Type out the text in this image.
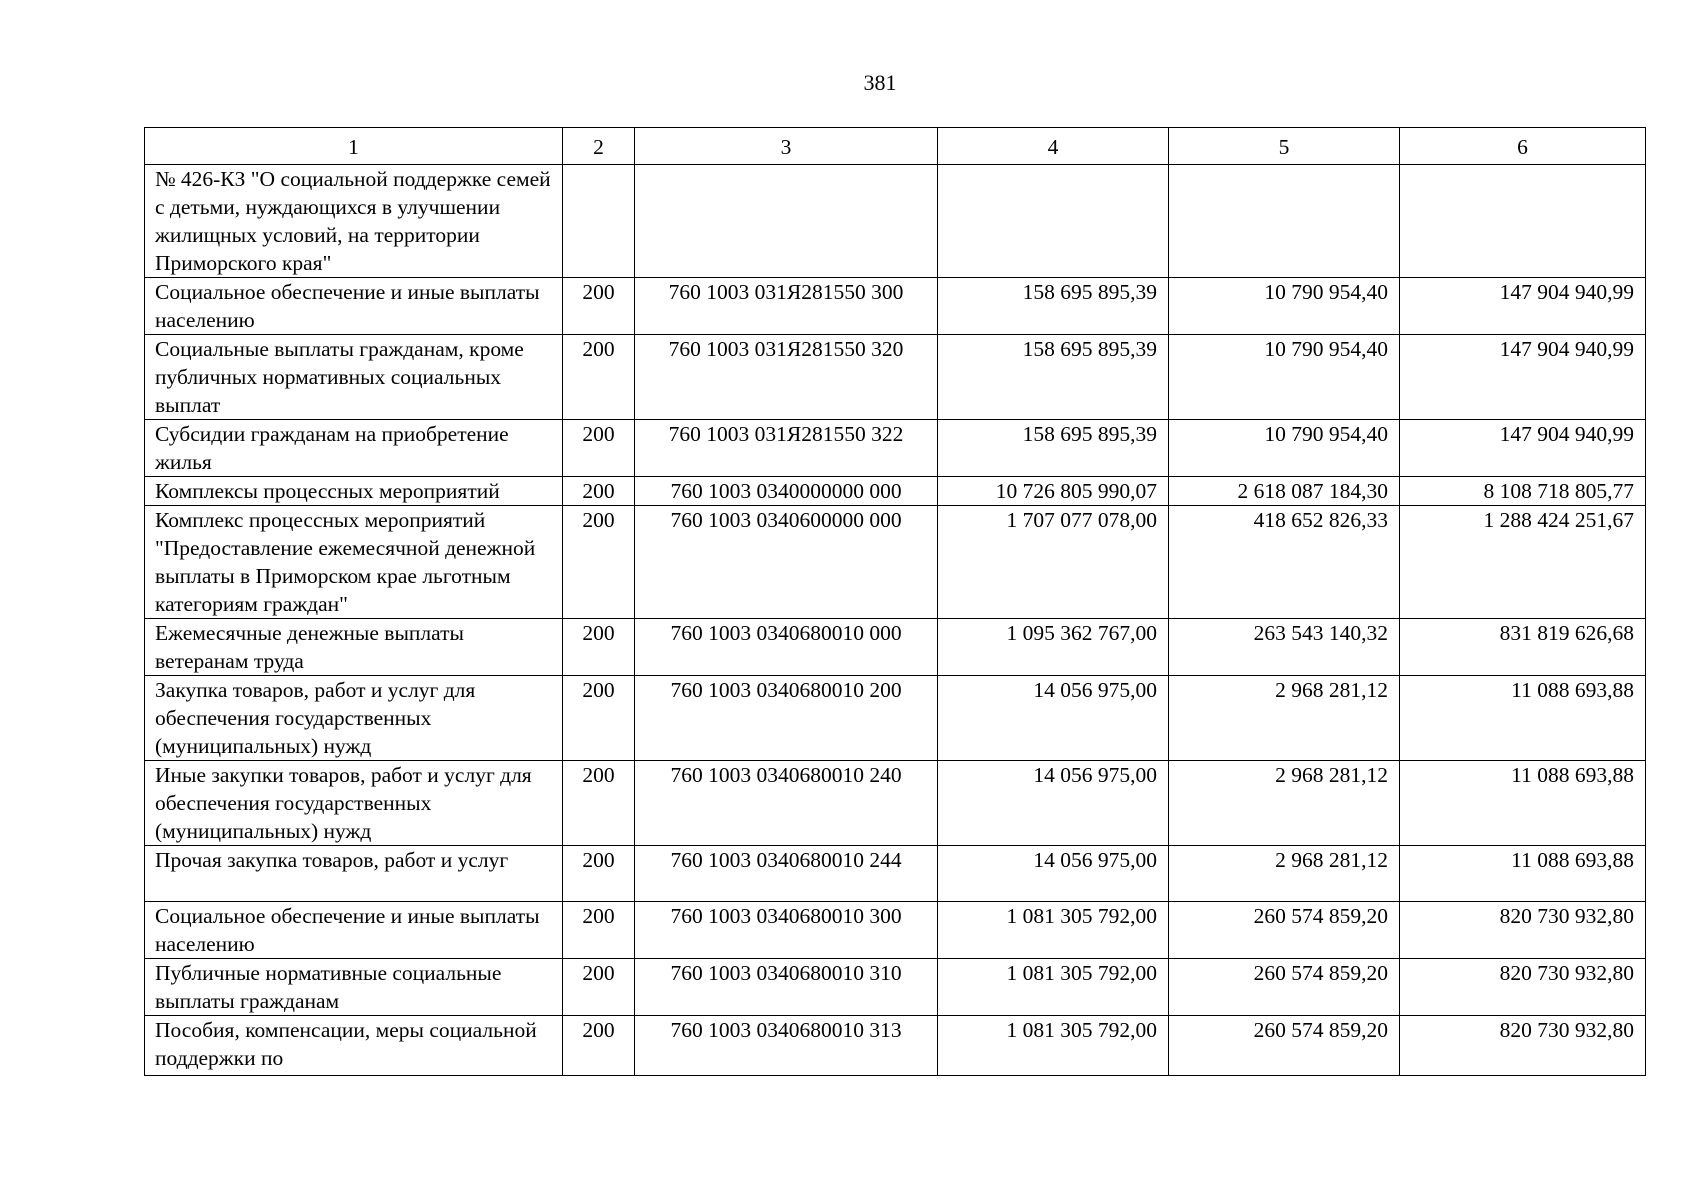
381
1	2	3	4	5	6
№ 426-КЗ "О социальной поддержке семей с детьми, нуждающихся в улучшении жилищных условий, на территории Приморского края"					
Социальное обеспечение и иные выплаты населению	200	760 1003 031Я281550 300	158 695 895,39	10 790 954,40	147 904 940,99
Социальные выплаты гражданам, кроме публичных нормативных социальных выплат	200	760 1003 031Я281550 320	158 695 895,39	10 790 954,40	147 904 940,99
Субсидии гражданам на приобретение жилья	200	760 1003 031Я281550 322	158 695 895,39	10 790 954,40	147 904 940,99
Комплексы процессных мероприятий	200	760 1003 0340000000 000	10 726 805 990,07	2 618 087 184,30	8 108 718 805,77
Комплекс процессных мероприятий "Предоставление ежемесячной денежной выплаты в Приморском крае льготным категориям граждан"	200	760 1003 0340600000 000	1 707 077 078,00	418 652 826,33	1 288 424 251,67
Ежемесячные денежные выплаты ветеранам труда	200	760 1003 0340680010 000	1 095 362 767,00	263 543 140,32	831 819 626,68
Закупка товаров, работ и услуг для обеспечения государственных (муниципальных) нужд	200	760 1003 0340680010 200	14 056 975,00	2 968 281,12	11 088 693,88
Иные закупки товаров, работ и услуг для обеспечения государственных (муниципальных) нужд	200	760 1003 0340680010 240	14 056 975,00	2 968 281,12	11 088 693,88
Прочая закупка товаров, работ и услуг	200	760 1003 0340680010 244	14 056 975,00	2 968 281,12	11 088 693,88
Социальное обеспечение и иные выплаты населению	200	760 1003 0340680010 300	1 081 305 792,00	260 574 859,20	820 730 932,80
Публичные нормативные социальные выплаты гражданам	200	760 1003 0340680010 310	1 081 305 792,00	260 574 859,20	820 730 932,80
Пособия, компенсации, меры социальной поддержки по	200	760 1003 0340680010 313	1 081 305 792,00	260 574 859,20	820 730 932,80
